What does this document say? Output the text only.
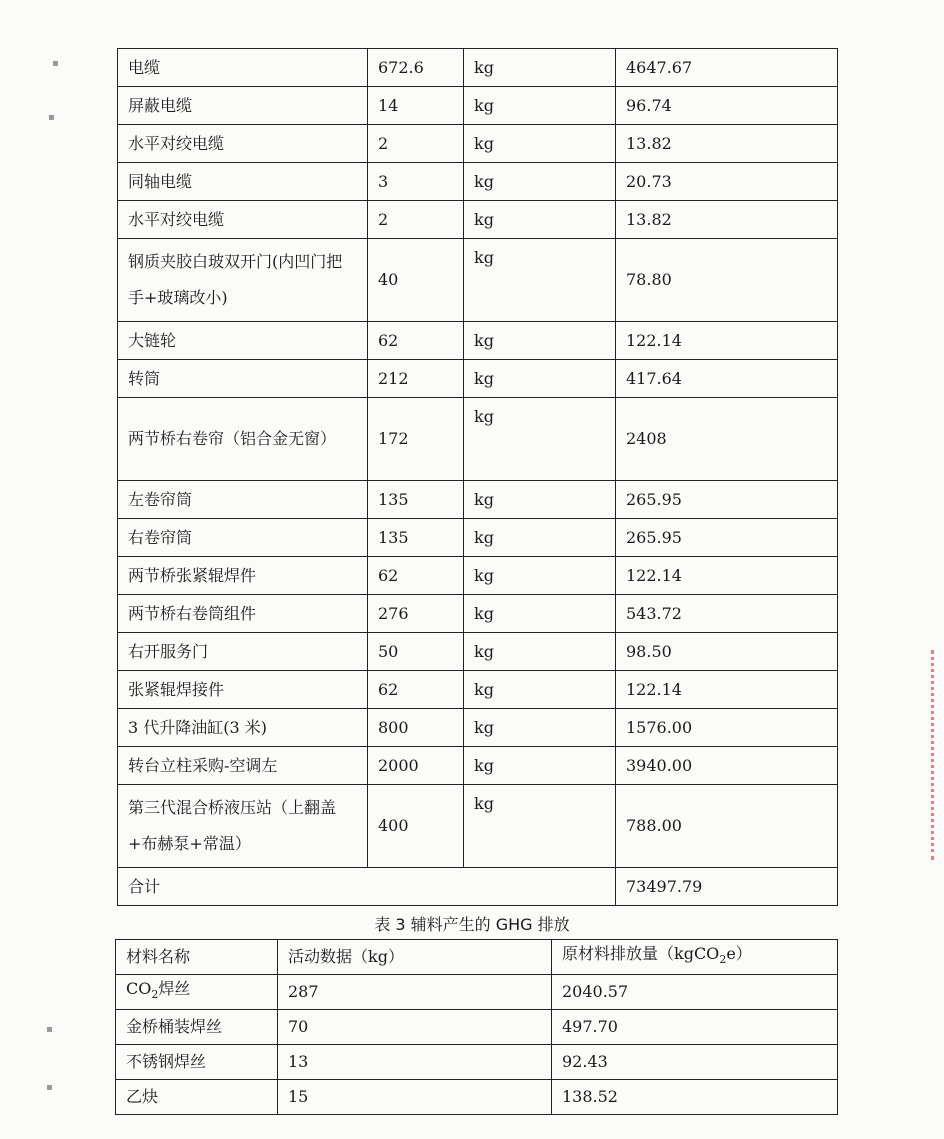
▪
▪
▪
▪
电缆	672.6	kg	4647.67
屏蔽电缆	14	kg	96.74
水平对绞电缆	2	kg	13.82
同轴电缆	3	kg	20.73
水平对绞电缆	2	kg	13.82
钢质夹胶白玻双开门(内凹门把手+玻璃改小)	40	kg	78.80
大链轮	62	kg	122.14
转筒	212	kg	417.64
两节桥右卷帘（铝合金无窗）	172	kg	2408
左卷帘筒	135	kg	265.95
右卷帘筒	135	kg	265.95
两节桥张紧辊焊件	62	kg	122.14
两节桥右卷筒组件	276	kg	543.72
右开服务门	50	kg	98.50
张紧辊焊接件	62	kg	122.14
3 代升降油缸(3 米)	800	kg	1576.00
转台立柱采购-空调左	2000	kg	3940.00
第三代混合桥液压站（上翻盖+布赫泵+常温）	400	kg	788.00
合计			73497.79
表 3 辅料产生的 GHG 排放
材料名称	活动数据（kg）	原材料排放量（kgCO$_2$e）
$CO_2$焊丝	287	2040.57
金桥桶装焊丝	70	497.70
不锈钢焊丝	13	92.43
乙炔	15	138.52
